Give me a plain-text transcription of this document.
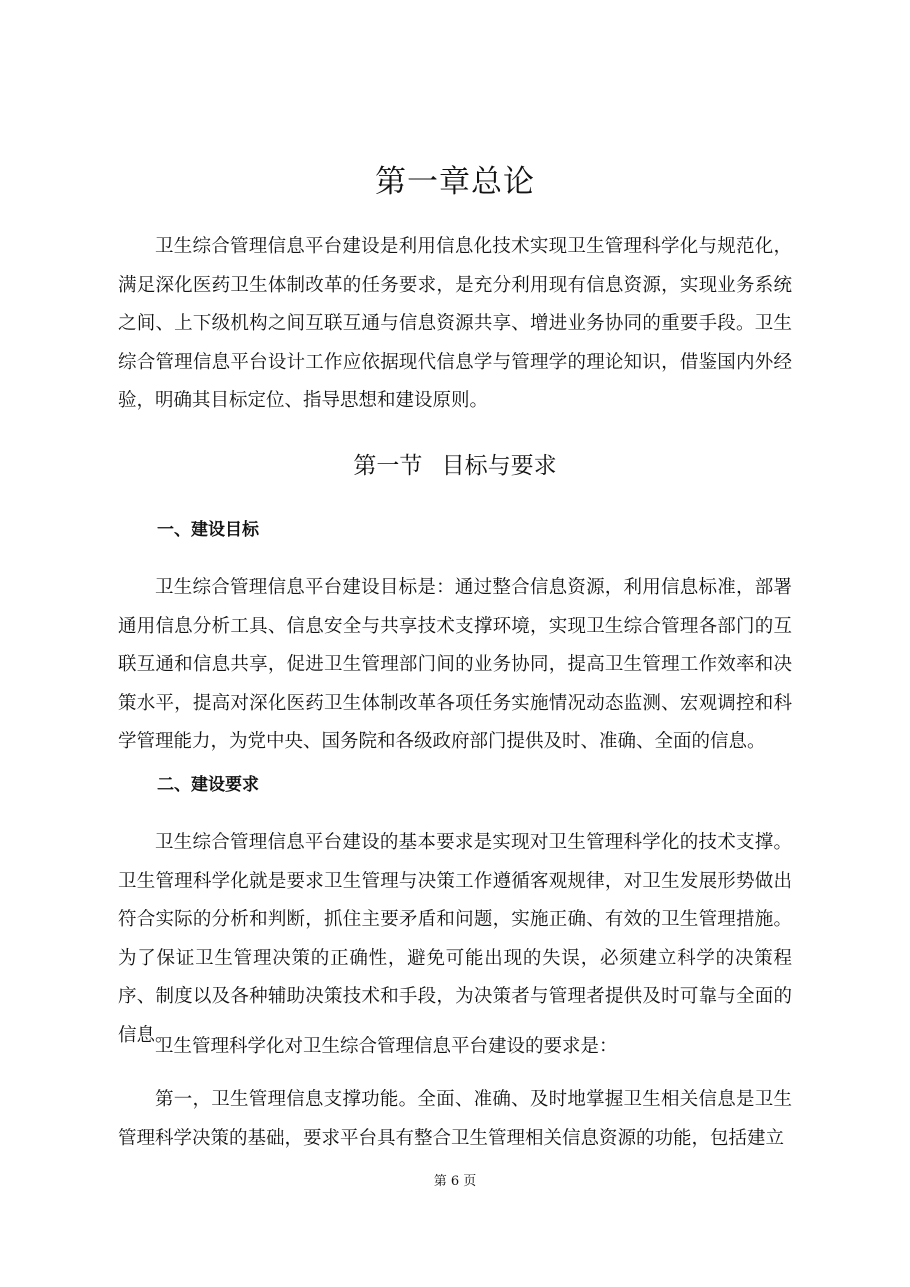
第一章总论

卫生综合管理信息平台建设是利用信息化技术实现卫生管理科学化与规范化，满足深化医药卫生体制改革的任务要求，是充分利用现有信息资源，实现业务系统之间、上下级机构之间互联互通与信息资源共享、增进业务协同的重要手段。卫生综合管理信息平台设计工作应依据现代信息学与管理学的理论知识，借鉴国内外经验，明确其目标定位、指导思想和建设原则。

第一节 目标与要求
一、建设目标

卫生综合管理信息平台建设目标是：通过整合信息资源，利用信息标准，部署通用信息分析工具、信息安全与共享技术支撑环境，实现卫生综合管理各部门的互联互通和信息共享，促进卫生管理部门间的业务协同，提高卫生管理工作效率和决策水平，提高对深化医药卫生体制改革各项任务实施情况动态监测、宏观调控和科学管理能力，为党中央、国务院和各级政府部门提供及时、准确、全面的信息。

二、建设要求

卫生综合管理信息平台建设的基本要求是实现对卫生管理科学化的技术支撑。卫生管理科学化就是要求卫生管理与决策工作遵循客观规律，对卫生发展形势做出符合实际的分析和判断，抓住主要矛盾和问题，实施正确、有效的卫生管理措施。为了保证卫生管理决策的正确性，避免可能出现的失误，必须建立科学的决策程序、制度以及各种辅助决策技术和手段，为决策者与管理者提供及时可靠与全面的信息。

卫生管理科学化对卫生综合管理信息平台建设的要求是：

第一，卫生管理信息支撑功能。全面、准确、及时地掌握卫生相关信息是卫生管理科学决策的基础，要求平台具有整合卫生管理相关信息资源的功能，包括建立

第 6 页
